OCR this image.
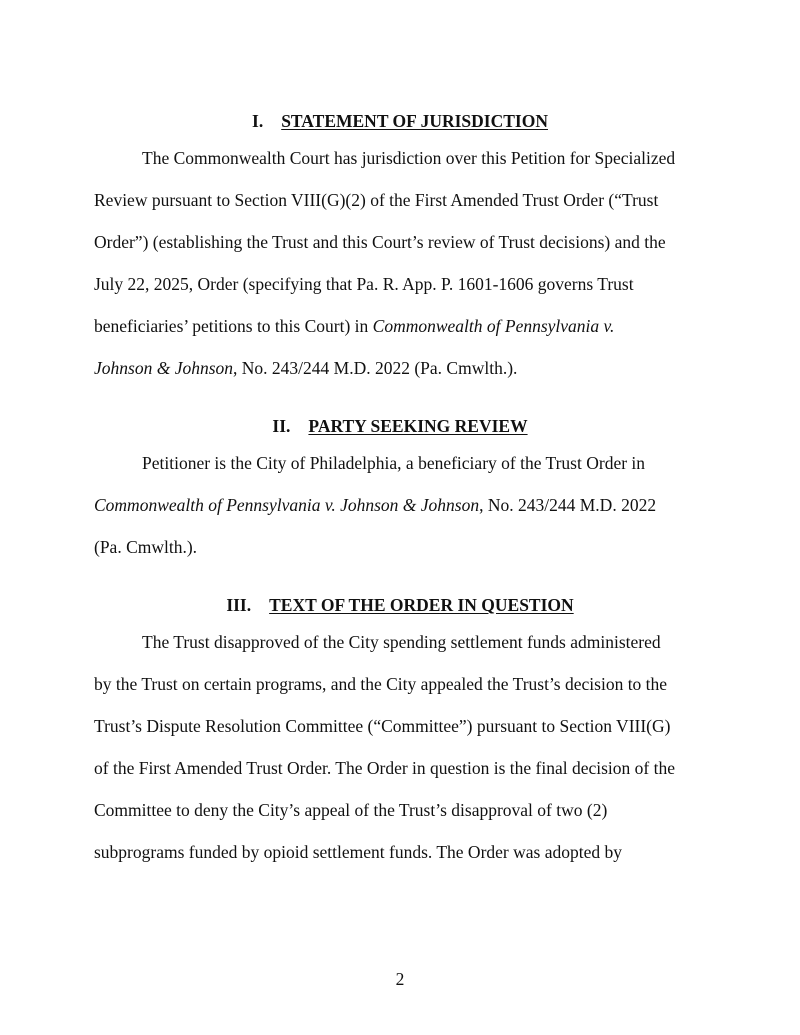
I. STATEMENT OF JURISDICTION
The Commonwealth Court has jurisdiction over this Petition for Specialized
Review pursuant to Section VIII(G)(2) of the First Amended Trust Order (“Trust
Order”) (establishing the Trust and this Court’s review of Trust decisions) and the
July 22, 2025, Order (specifying that Pa. R. App. P. 1601-1606 governs Trust
beneficiaries’ petitions to this Court) in Commonwealth of Pennsylvania v.
Johnson & Johnson, No. 243/244 M.D. 2022 (Pa. Cmwlth.).
II. PARTY SEEKING REVIEW
Petitioner is the City of Philadelphia, a beneficiary of the Trust Order in
Commonwealth of Pennsylvania v. Johnson & Johnson, No. 243/244 M.D. 2022
(Pa. Cmwlth.).
III. TEXT OF THE ORDER IN QUESTION
The Trust disapproved of the City spending settlement funds administered
by the Trust on certain programs, and the City appealed the Trust’s decision to the
Trust’s Dispute Resolution Committee (“Committee”) pursuant to Section VIII(G)
of the First Amended Trust Order. The Order in question is the final decision of the
Committee to deny the City’s appeal of the Trust’s disapproval of two (2)
subprograms funded by opioid settlement funds. The Order was adopted by
2
